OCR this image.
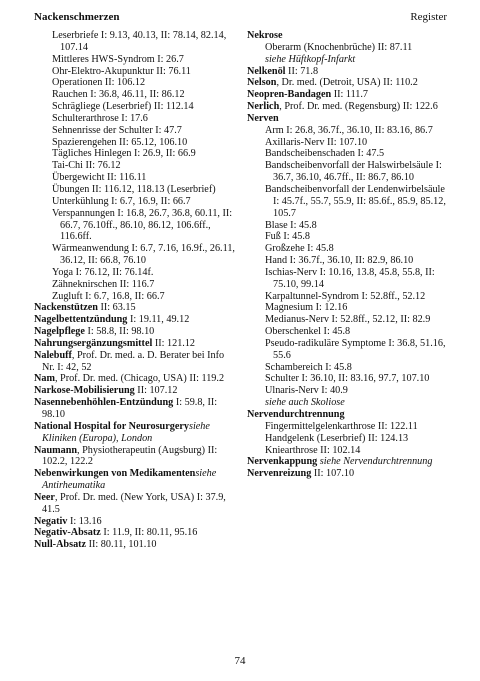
Nackenschmerzen	Register
Leserbriefe I: 9.13, 40.13, II: 78.14, 82.14, 107.14
Mittleres HWS-Syndrom I: 26.7
Ohr-Elektro-Akupunktur II: 76.11
Operationen II: 106.12
Rauchen I: 36.8, 46.11, II: 86.12
Schrägliege (Leserbrief) II: 112.14
Schulterarthrose I: 17.6
Sehnenrisse der Schulter I: 47.7
Spazierengehen II: 65.12, 106.10
Tägliches Hinlegen I: 26.9, II: 66.9
Tai-Chi II: 76.12
Übergewicht II: 116.11
Übungen II: 116.12, 118.13 (Leserbrief)
Unterkühlung I: 6.7, 16.9, II: 66.7
Verspannungen I: 16.8, 26.7, 36.8, 60.11, II: 66.7, 76.10ff., 86.10, 86.12, 106.6ff., 116.6ff.
Wärmeanwendung I: 6.7, 7.16, 16.9f., 26.11, 36.12, II: 66.8, 76.10
Yoga I: 76.12, II: 76.14f.
Zähneknirschen II: 116.7
Zugluft I: 6.7, 16.8, II: 66.7
Nackenstützen II: 63.15
Nagelbettentzündung I: 19.11, 49.12
Nagelpflege I: 58.8, II: 98.10
Nahrungsergänzungsmittel II: 121.12
Nalebuff, Prof. Dr. med. a. D. Berater bei Info Nr. I: 42, 52
Nam, Prof. Dr. med. (Chicago, USA) II: 119.2
Narkose-Mobilisierung II: 107.12
Nasennebenhöhlen-Entzündung I: 59.8, II: 98.10
National Hospital for Neurosurgerysiehe Kliniken (Europa), London
Naumann, Physiotherapeutin (Augsburg) II: 102.2, 122.2
Nebenwirkungen von Medikamentensiehe Antirheumatika
Neer, Prof. Dr. med. (New York, USA) I: 37.9, 41.5
Negativ I: 13.16
Negativ-Absatz I: 11.9, II: 80.11, 95.16
Null-Absatz II: 80.11, 101.10
Nekrose
Oberarm (Knochenbrüche) II: 87.11
siehe Hüftkopf-Infarkt
Nelkenöl II: 71.8
Nelson, Dr. med. (Detroit, USA) II: 110.2
Neopren-Bandagen II: 111.7
Nerlich, Prof. Dr. med. (Regensburg) II: 122.6
Nerven
Arm I: 26.8, 36.7f., 36.10, II: 83.16, 86.7
Axillaris-Nerv II: 107.10
Bandscheibenschaden I: 47.5
Bandscheibenvorfall der Halswirbelsäule I: 36.7, 36.10, 46.7ff., II: 86.7, 86.10
Bandscheibenvorfall der Lendenwirbelsäule I: 45.7f., 55.7, 55.9, II: 85.6f., 85.9, 85.12, 105.7
Blase I: 45.8
Fuß I: 45.8
Großzehe I: 45.8
Hand I: 36.7f., 36.10, II: 82.9, 86.10
Ischias-Nerv I: 10.16, 13.8, 45.8, 55.8, II: 75.10, 99.14
Karpaltunnel-Syndrom I: 52.8ff., 52.12
Magnesium I: 12.16
Medianus-Nerv I: 52.8ff., 52.12, II: 82.9
Oberschenkel I: 45.8
Pseudo-radikuläre Symptome I: 36.8, 51.16, 55.6
Schambereich I: 45.8
Schulter I: 36.10, II: 83.16, 97.7, 107.10
Ulnaris-Nerv I: 40.9
siehe auch Skoliose
Nervendurchtrennung
Fingermittelgelenkarthrose II: 122.11
Handgelenk (Leserbrief) II: 124.13
Kniearthrose II: 102.14
Nervenkappung siehe Nervendurchtrennung
Nervenreizung II: 107.10
74
